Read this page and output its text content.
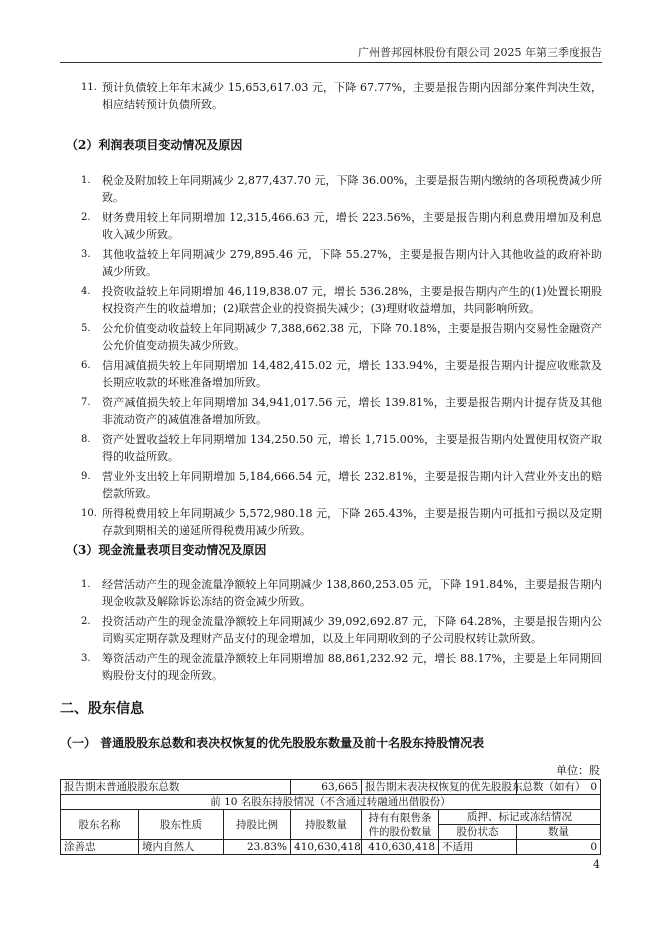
广州普邦园林股份有限公司 2025 年第三季度报告
11. 预计负债较上年年末减少 15,653,617.03 元，下降 67.77%，主要是报告期内因部分案件判决生效，相应结转预计负债所致。
（2）利润表项目变动情况及原因
1. 税金及附加较上年同期减少 2,877,437.70 元，下降 36.00%，主要是报告期内缴纳的各项税费减少所致。
2. 财务费用较上年同期增加 12,315,466.63 元，增长 223.56%，主要是报告期内利息费用增加及利息收入减少所致。
3. 其他收益较上年同期减少 279,895.46 元，下降 55.27%，主要是报告期内计入其他收益的政府补助减少所致。
4. 投资收益较上年同期增加 46,119,838.07 元，增长 536.28%，主要是报告期内产生的(1)处置长期股权投资产生的收益增加；(2)联营企业的投资损失减少；(3)理财收益增加，共同影响所致。
5. 公允价值变动收益较上年同期减少 7,388,662.38 元，下降 70.18%，主要是报告期内交易性金融资产公允价值变动损失减少所致。
6. 信用减值损失较上年同期增加 14,482,415.02 元，增长 133.94%，主要是报告期内计提应收账款及长期应收款的坏账准备增加所致。
7. 资产减值损失较上年同期增加 34,941,017.56 元，增长 139.81%，主要是报告期内计提存货及其他非流动资产的减值准备增加所致。
8. 资产处置收益较上年同期增加 134,250.50 元，增长 1,715.00%，主要是报告期内处置使用权资产取得的收益所致。
9. 营业外支出较上年同期增加 5,184,666.54 元，增长 232.81%，主要是报告期内计入营业外支出的赔偿款所致。
10. 所得税费用较上年同期减少 5,572,980.18 元，下降 265.43%，主要是报告期内可抵扣亏损以及定期存款到期相关的递延所得税费用减少所致。
（3）现金流量表项目变动情况及原因
1. 经营活动产生的现金流量净额较上年同期减少 138,860,253.05 元，下降 191.84%，主要是报告期内现金收款及解除诉讼冻结的资金减少所致。
2. 投资活动产生的现金流量净额较上年同期减少 39,092,692.87 元，下降 64.28%，主要是报告期内公司购买定期存款及理财产品支付的现金增加，以及上年同期收到的子公司股权转让款所致。
3. 筹资活动产生的现金流量净额较上年同期增加 88,861,232.92 元，增长 88.17%，主要是上年同期回购股份支付的现金所致。
二、股东信息
（一） 普通股股东总数和表决权恢复的优先股股东数量及前十名股东持股情况表
单位：股
报告期末普通股股东总数			63,665	报告期末表决权恢复的优先股股东总数（如有）		0
前 10 名股东持股情况（不含通过转融通出借股份）						
股东名称	股东性质	持股比例	持股数量	持有有限售条件的股份数量	质押、标记或冻结情况	
					股份状态	数量
涂善忠	境内自然人	23.83%	410,630,418	410,630,418	不适用	0
4
